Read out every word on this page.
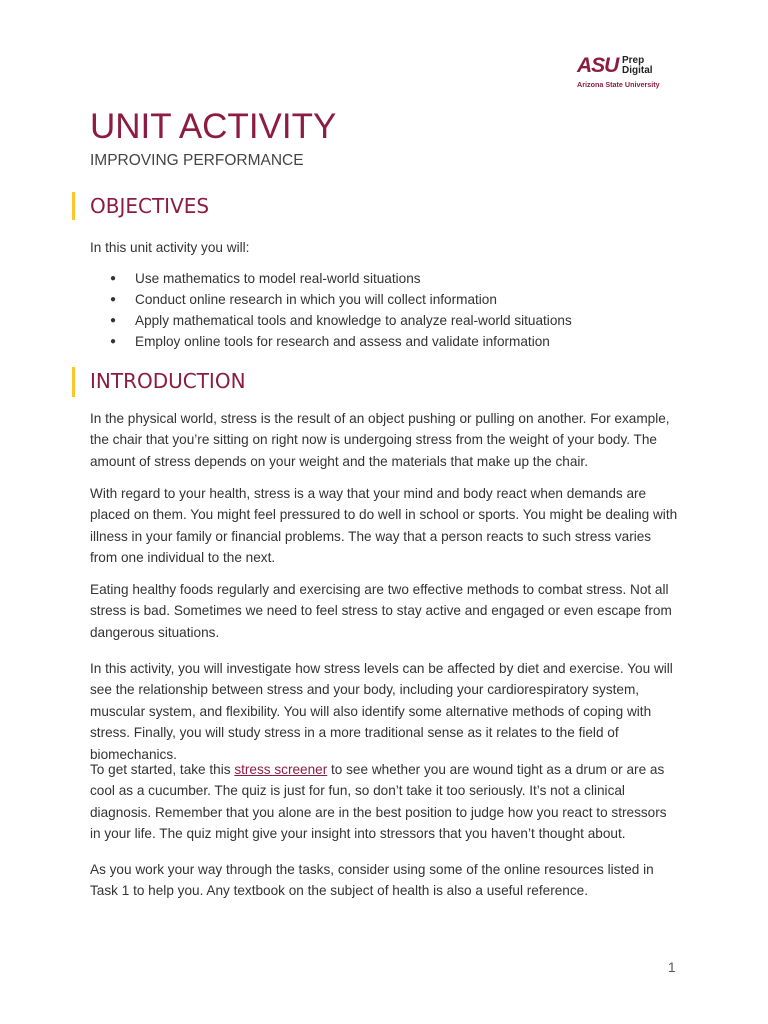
ASU Prep
Digital
Arizona State University
UNIT ACTIVITY

IMPROVING PERFORMANCE

OBJECTIVES

In this unit activity you will:

● Use mathematics to model real-world situations
● Conduct online research in which you will collect information
● Apply mathematical tools and knowledge to analyze real-world situations
● Employ online tools for research and assess and validate information
INTRODUCTION

In the physical world, stress is the result of an object pushing or pulling on another. For example, the chair that you’re sitting on right now is undergoing stress from the weight of your body. The amount of stress depends on your weight and the materials that make up the chair.

With regard to your health, stress is a way that your mind and body react when demands are placed on them. You might feel pressured to do well in school or sports. You might be dealing with illness in your family or financial problems. The way that a person reacts to such stress varies from one individual to the next.

Eating healthy foods regularly and exercising are two effective methods to combat stress. Not all stress is bad. Sometimes we need to feel stress to stay active and engaged or even escape from dangerous situations.

In this activity, you will investigate how stress levels can be affected by diet and exercise. You will see the relationship between stress and your body, including your cardiorespiratory system, muscular system, and flexibility. You will also identify some alternative methods of coping with stress. Finally, you will study stress in a more traditional sense as it relates to the field of biomechanics.

To get started, take this stress screener to see whether you are wound tight as a drum or are as cool as a cucumber. The quiz is just for fun, so don’t take it too seriously. It’s not a clinical diagnosis. Remember that you alone are in the best position to judge how you react to stressors in your life. The quiz might give your insight into stressors that you haven’t thought about.

As you work your way through the tasks, consider using some of the online resources listed in Task 1 to help you. Any textbook on the subject of health is also a useful reference.

1
